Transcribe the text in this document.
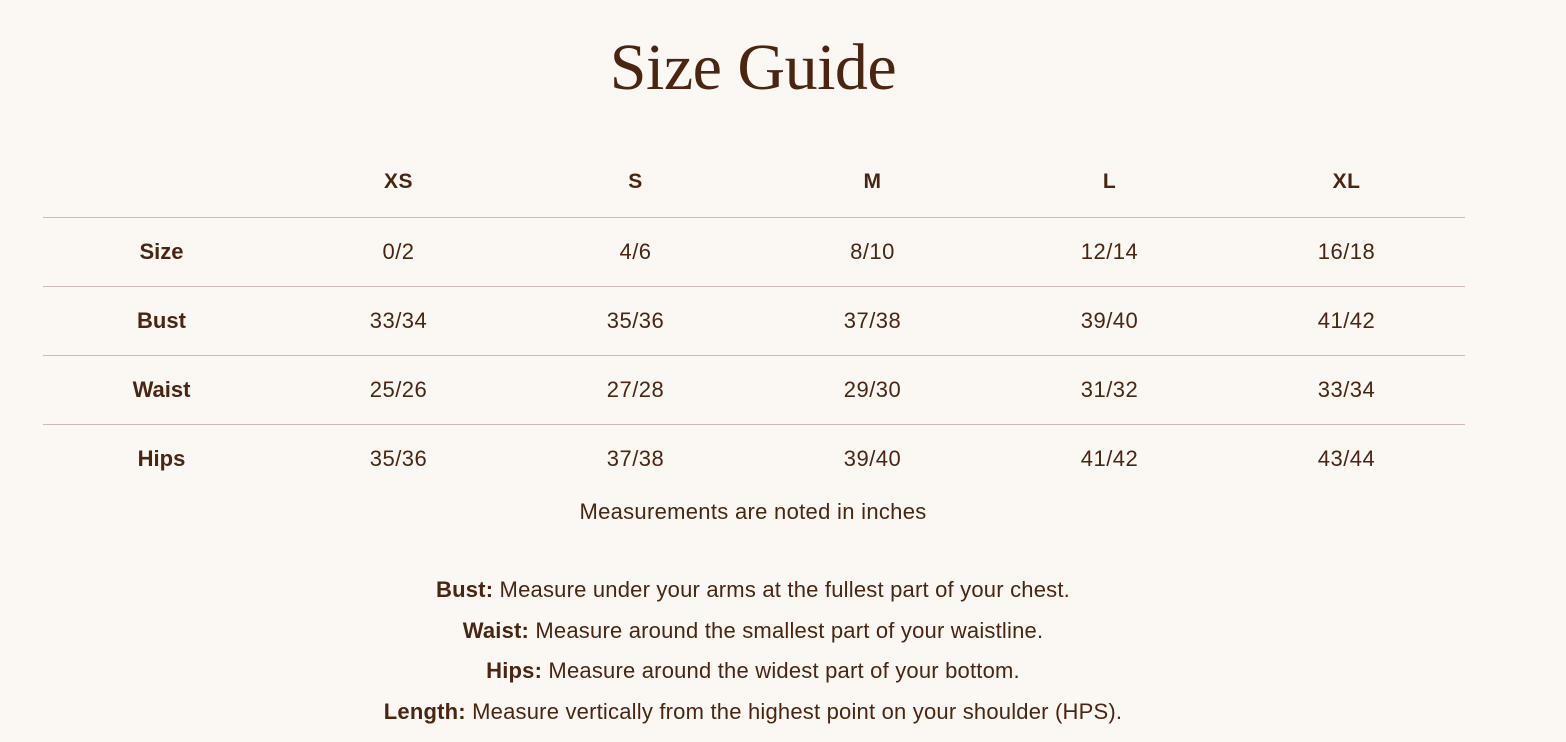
Size Guide
	XS	S	M	L	XL
Size	0/2	4/6	8/10	12/14	16/18
Bust	33/34	35/36	37/38	39/40	41/42
Waist	25/26	27/28	29/30	31/32	33/34
Hips	35/36	37/38	39/40	41/42	43/44
Measurements are noted in inches

Bust: Measure under your arms at the fullest part of your chest.

Waist: Measure around the smallest part of your waistline.

Hips: Measure around the widest part of your bottom.

Length: Measure vertically from the highest point on your shoulder (HPS).
